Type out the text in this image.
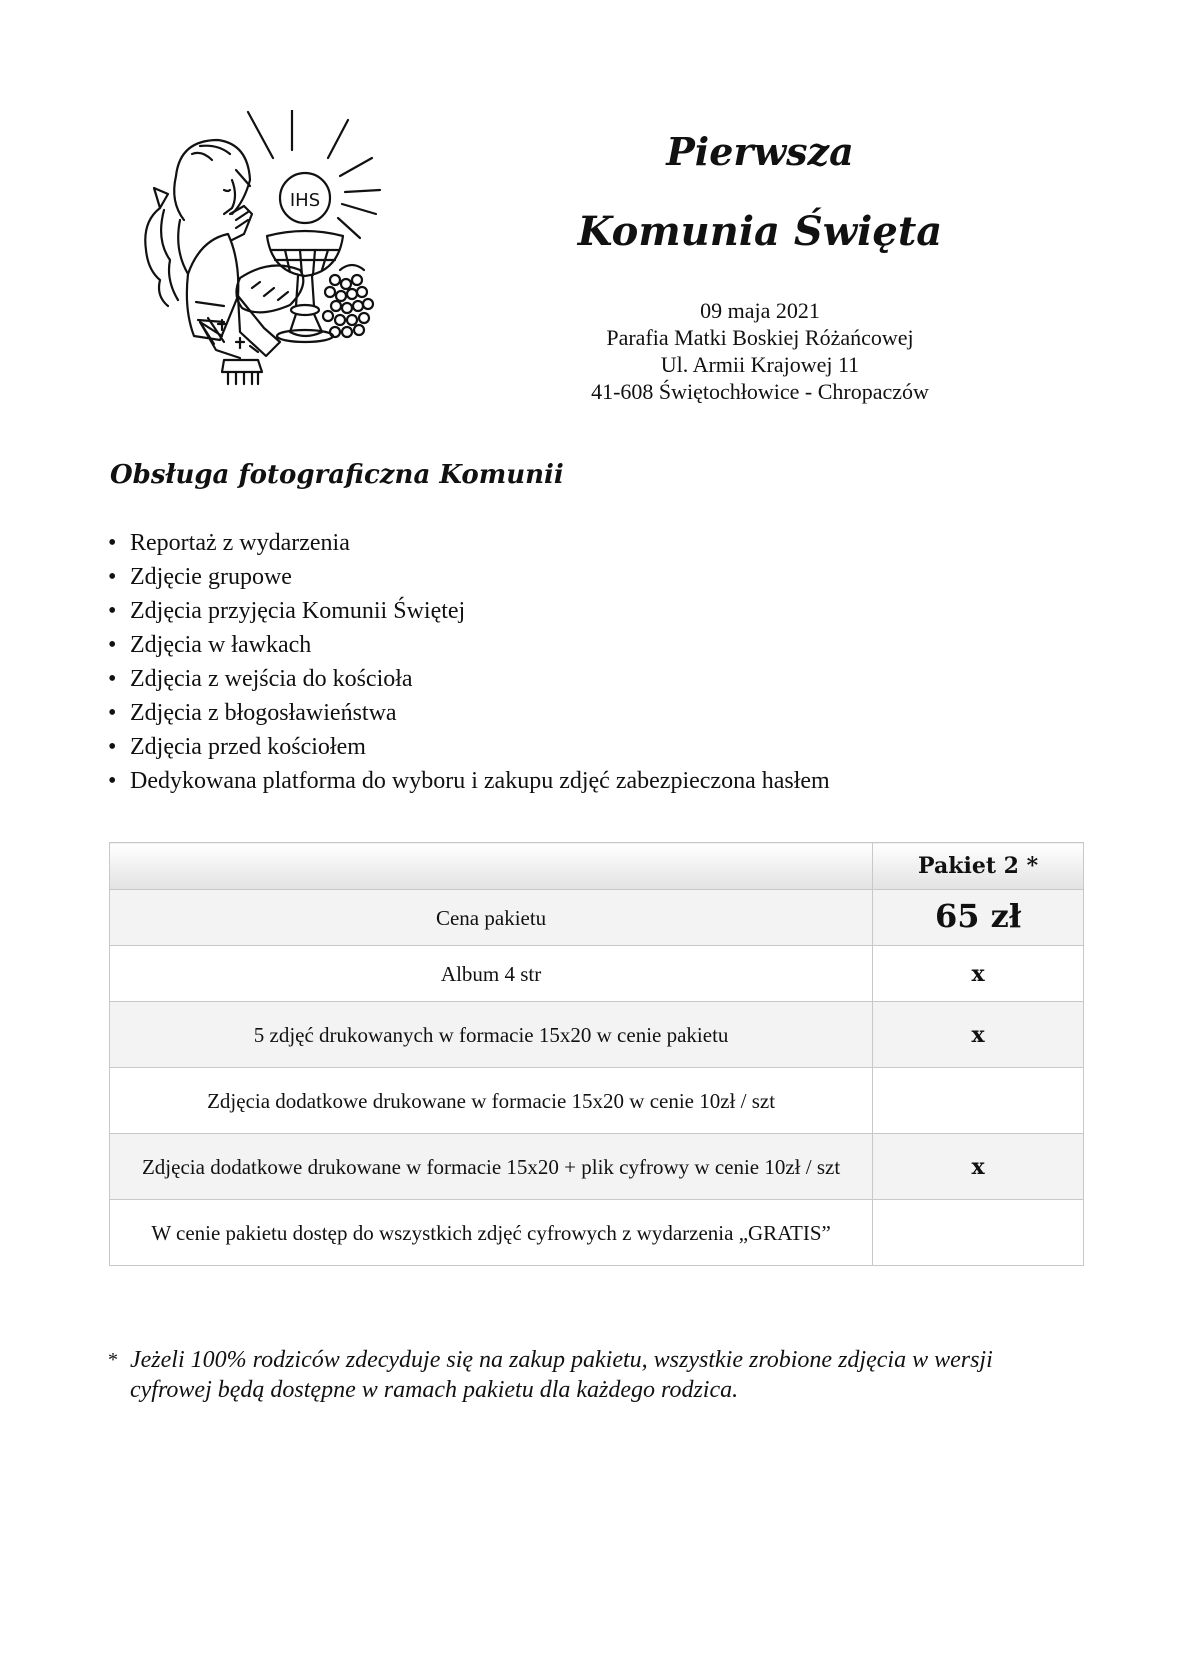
IHS

Pierwsza

Komunia Święta

09 maja 2021
Parafia Matki Boskiej Różańcowej
Ul. Armii Krajowej 11
41-608 Świętochłowice - Chropaczów
Obsługa fotograficzna Komunii
• Reportaż z wydarzenia
• Zdjęcie grupowe
• Zdjęcia przyjęcia Komunii Świętej
• Zdjęcia w ławkach
• Zdjęcia z wejścia do kościoła
• Zdjęcia z błogosławieństwa
• Zdjęcia przed kościołem
• Dedykowana platforma do wyboru i zakupu zdjęć zabezpieczona hasłem
	Pakiet 2 *
Cena pakietu	65 zł
Album 4 str	x
5 zdjęć drukowanych w formacie 15x20 w cenie pakietu	x
Zdjęcia dodatkowe drukowane w formacie 15x20 w cenie 10zł / szt	
Zdjęcia dodatkowe drukowane w formacie 15x20 + plik cyfrowy w cenie 10zł / szt	x
W cenie pakietu dostęp do wszystkich zdjęć cyfrowych z wydarzenia „GRATIS”	
* Jeżeli 100% rodziców zdecyduje się na zakup pakietu, wszystkie zrobione zdjęcia w wersji cyfrowej będą dostępne w ramach pakietu dla każdego rodzica.
